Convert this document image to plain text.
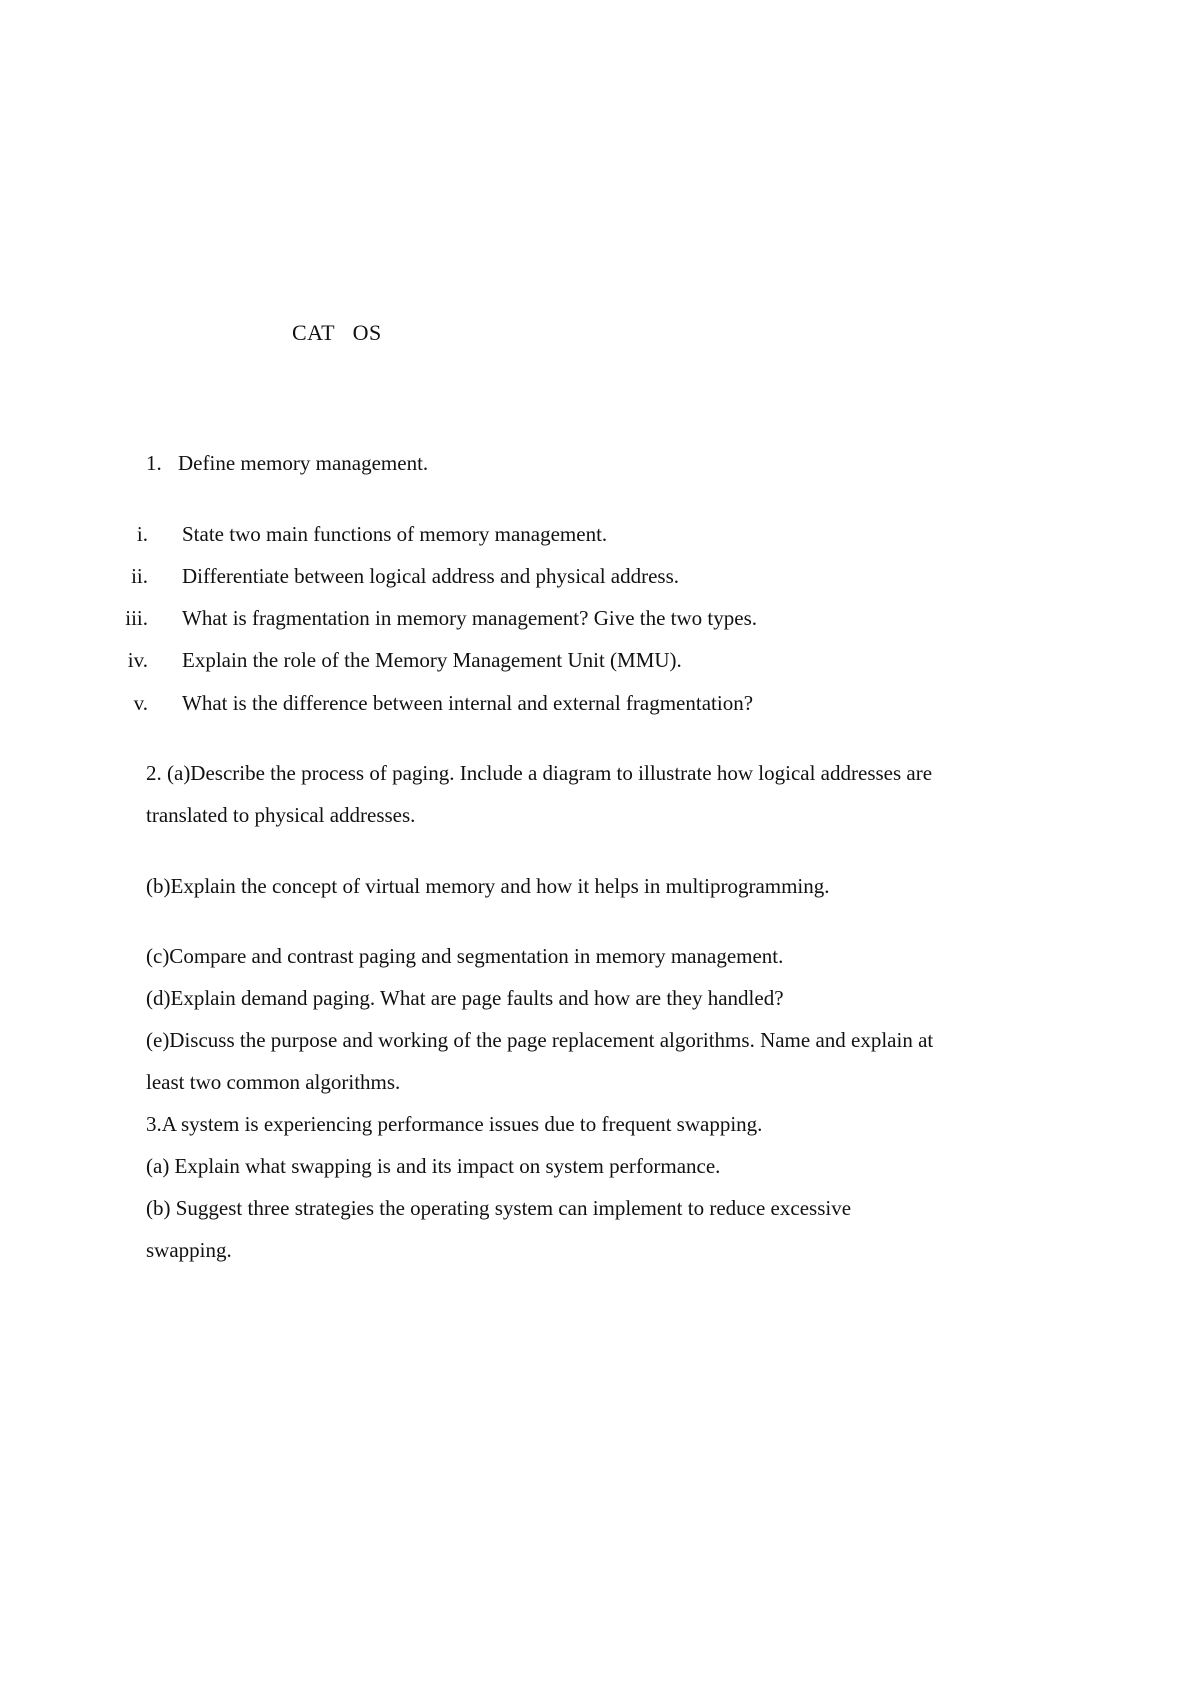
CAT   OS
1. Define memory management.
i. State two main functions of memory management.
ii. Differentiate between logical address and physical address.
iii. What is fragmentation in memory management? Give the two types.
iv. Explain the role of the Memory Management Unit (MMU).
v. What is the difference between internal and external fragmentation?
2. (a)Describe the process of paging. Include a diagram to illustrate how logical addresses are
translated to physical addresses.
(b)Explain the concept of virtual memory and how it helps in multiprogramming.
(c)Compare and contrast paging and segmentation in memory management.
(d)Explain demand paging. What are page faults and how are they handled?
(e)Discuss the purpose and working of the page replacement algorithms. Name and explain at
least two common algorithms.
3.A system is experiencing performance issues due to frequent swapping.
(a) Explain what swapping is and its impact on system performance.
(b) Suggest three strategies the operating system can implement to reduce excessive
swapping.
